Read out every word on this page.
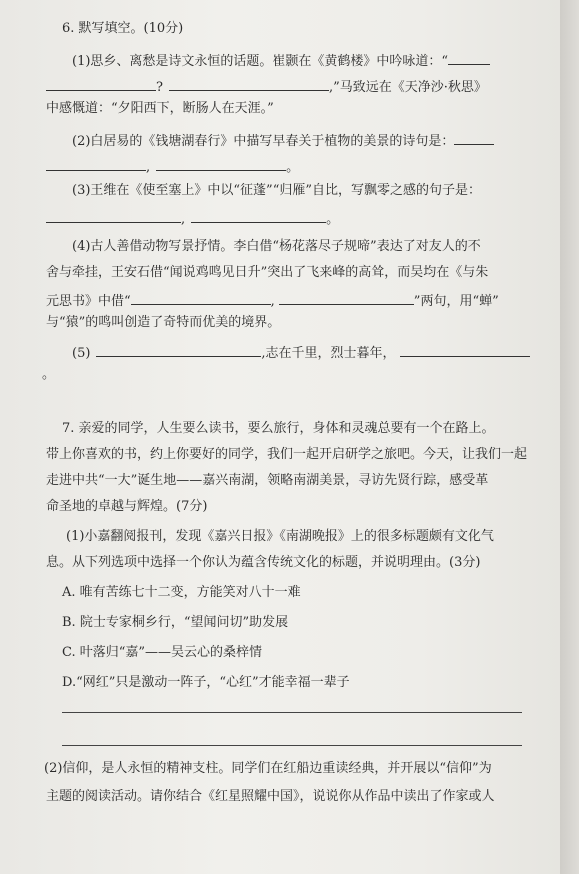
6. 默写填空。(10分)
(1)思乡、离愁是诗文永恒的话题。崔颢在《黄鹤楼》中吟咏道：“
?	,”马致远在《天净沙·秋思》
中感慨道：“夕阳西下，断肠人在天涯。”
(2)白居易的《钱塘湖春行》中描写早春关于植物的美景的诗句是：
,	。
(3)王维在《使至塞上》中以“征蓬”“归雁”自比，写飘零之感的句子是：
,	。
(4)古人善借动物写景抒情。李白借“杨花落尽子规啼”表达了对友人的不
舍与牵挂，王安石借“闻说鸡鸣见日升”突出了飞来峰的高耸，而吴均在《与朱
元思书》中借“	,	”两句，用“蝉”
与“猿”的鸣叫创造了奇特而优美的境界。
(5)	,志在千里，烈士暮年，
。
7. 亲爱的同学，人生要么读书，要么旅行，身体和灵魂总要有一个在路上。
带上你喜欢的书，约上你要好的同学，我们一起开启研学之旅吧。今天，让我们一起
走进中共“一大”诞生地——嘉兴南湖，领略南湖美景，寻访先贤行踪，感受革
命圣地的卓越与辉煌。(7分)
(1)小嘉翻阅报刊，发现《嘉兴日报》《南湖晚报》上的很多标题颇有文化气
息。从下列选项中选择一个你认为蕴含传统文化的标题，并说明理由。(3分)
A. 唯有苦练七十二变，方能笑对八十一难
B. 院士专家桐乡行，“望闻问切”助发展
C. 叶落归“嘉”——吴云心的桑梓情
D.“网红”只是激动一阵子，“心红”才能幸福一辈子
(2)信仰，是人永恒的精神支柱。同学们在红船边重读经典，并开展以“信仰”为
主题的阅读活动。请你结合《红星照耀中国》，说说你从作品中读出了作家或人
